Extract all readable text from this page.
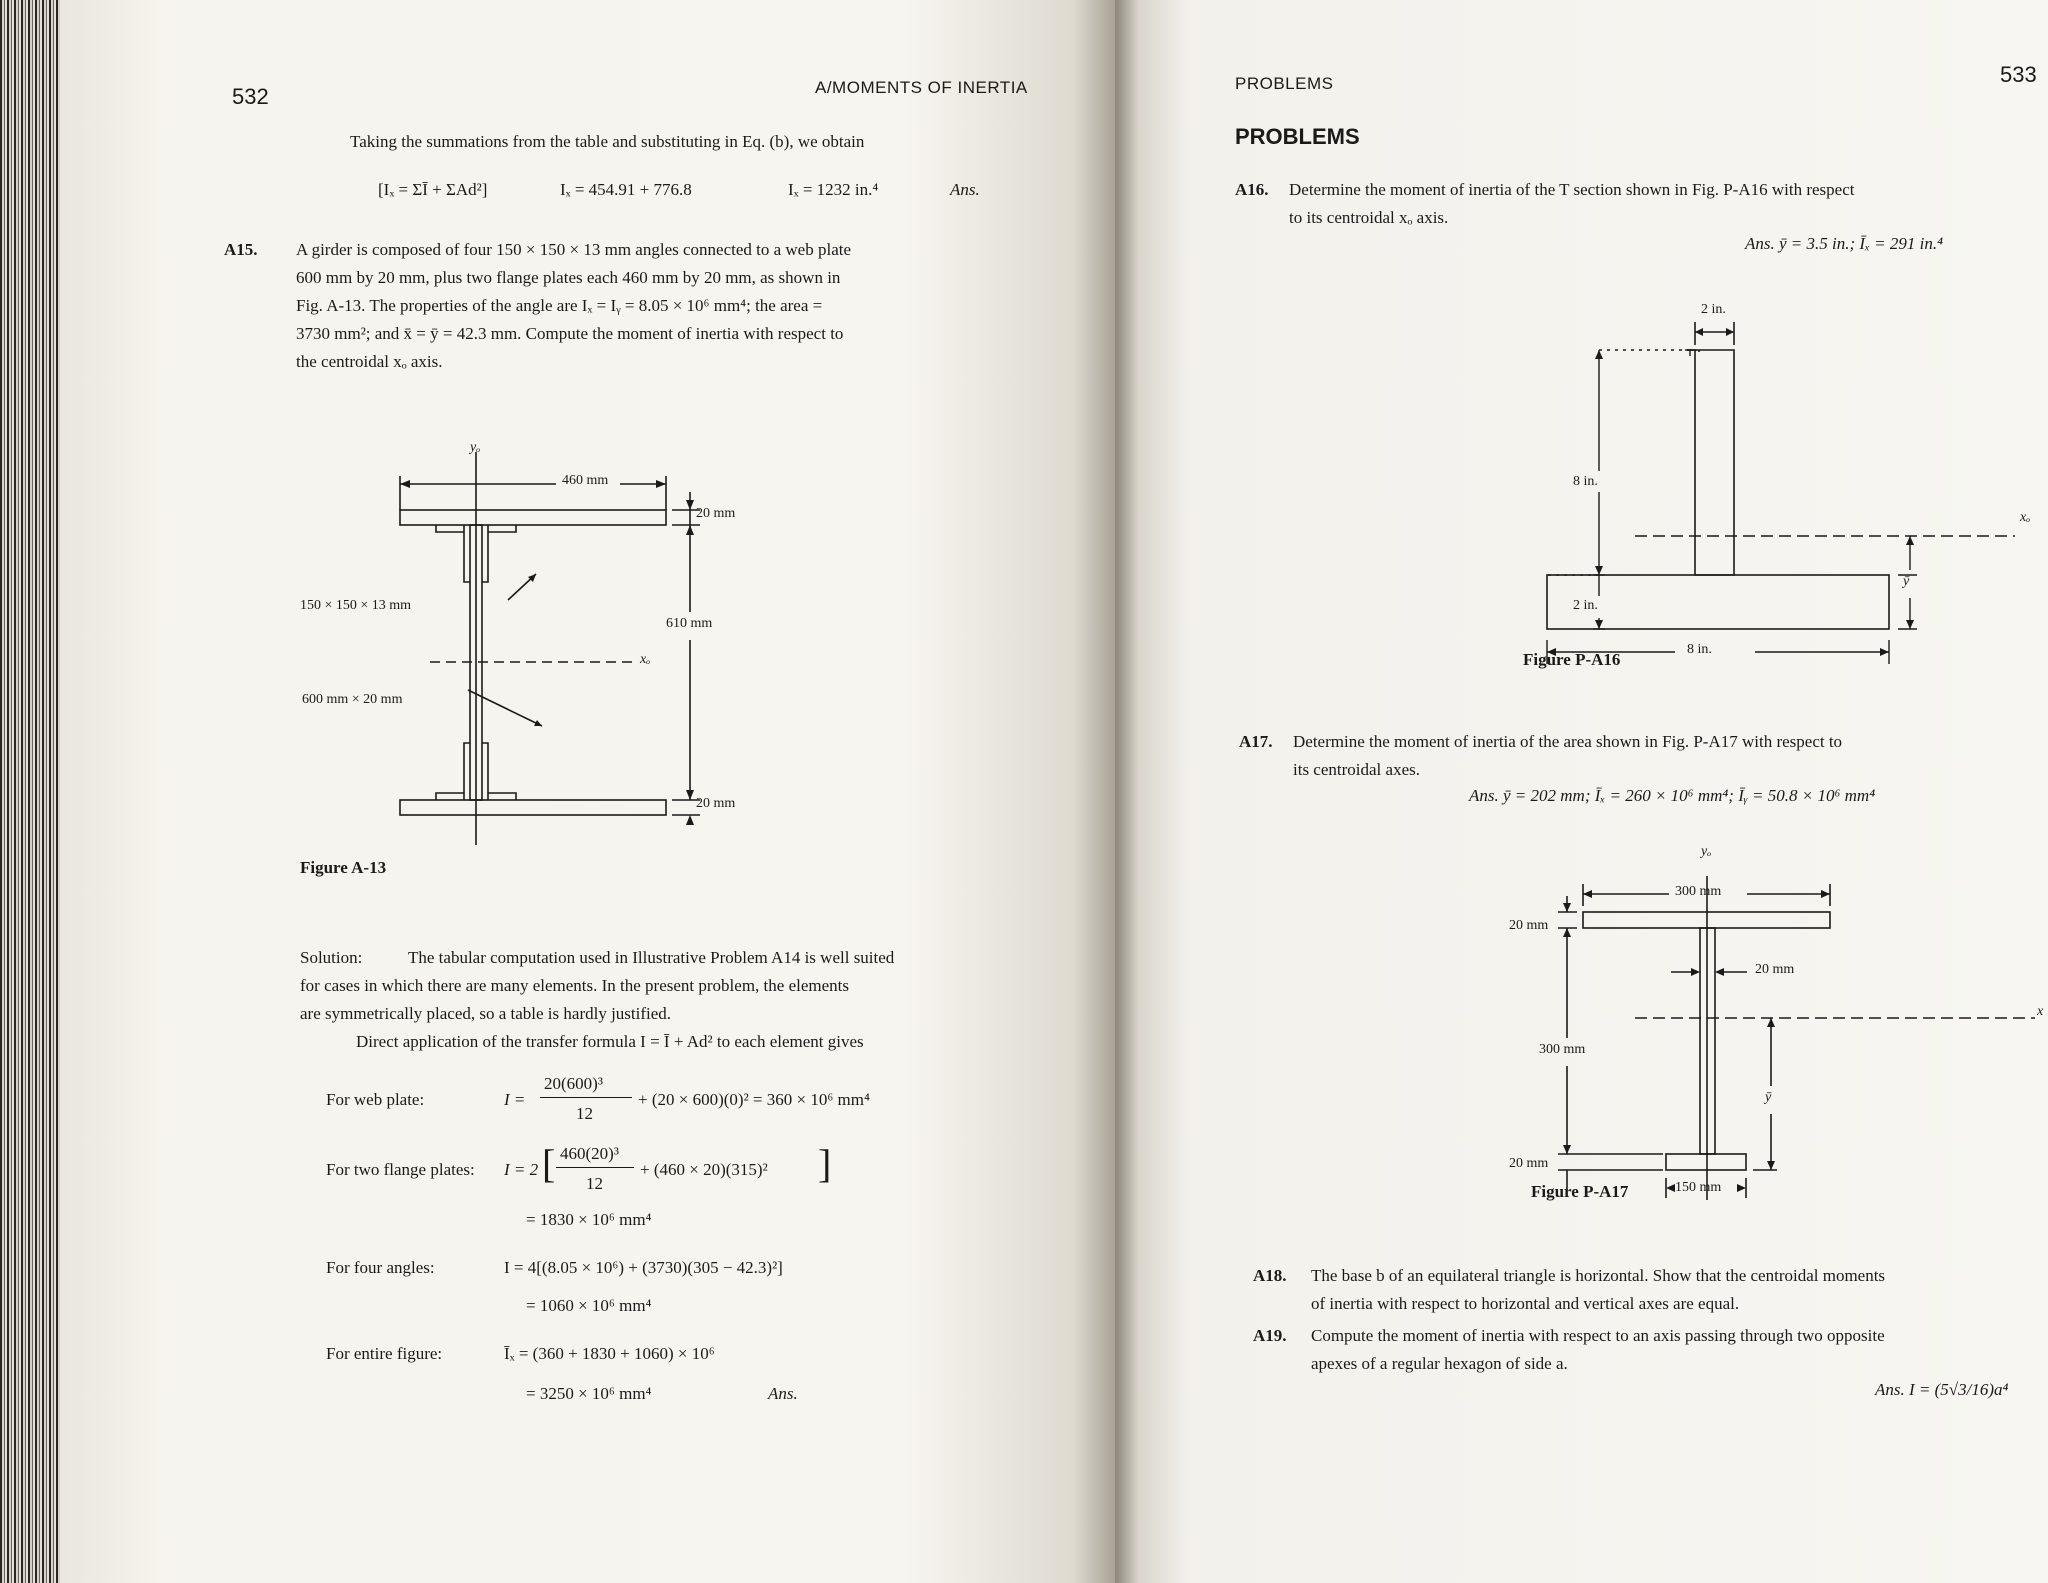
532	A/MOMENTS OF INERTIA
Taking the summations from the table and substituting in Eq. (b), we obtain
[Iₓ = ΣĪ + ΣAd²]	Iₓ = 454.91 + 776.8	Iₓ = 1232 in.⁴	Ans.
A15. A girder is composed of four 150 × 150 × 13 mm angles connected to a web plate
600 mm by 20 mm, plus two flange plates each 460 mm by 20 mm, as shown in
Fig. A-13. The properties of the angle are Iₓ = Iᵧ = 8.05 × 10⁶ mm⁴; the area =
3730 mm²; and x̄ = ȳ = 42.3 mm. Compute the moment of inertia with respect to
the centroidal xₒ axis.
yₒ
460 mm
20 mm
610 mm
xₒ
20 mm
150 × 150 × 13 mm
600 mm × 20 mm
Figure A-13
Solution:	The tabular computation used in Illustrative Problem A14 is well suited
for cases in which there are many elements. In the present problem, the elements
are symmetrically placed, so a table is hardly justified.
Direct application of the transfer formula I = Ī + Ad² to each element gives
For web plate:	I =
20(600)³
12
+ (20 × 600)(0)² = 360 × 10⁶ mm⁴
For two flange plates: I = 2 [ 460(20)³
12
+ (460 × 20)(315)² ]
= 1830 × 10⁶ mm⁴
For four angles:	I = 4[(8.05 × 10⁶) + (3730)(305 − 42.3)²]
= 1060 × 10⁶ mm⁴
For entire figure:	Īₓ = (360 + 1830 + 1060) × 10⁶
= 3250 × 10⁶ mm⁴	Ans.
PROBLEMS	533
PROBLEMS
A16. Determine the moment of inertia of the T section shown in Fig. P-A16 with respect
to its centroidal xₒ axis.
Ans. ȳ = 3.5 in.; Īₓ = 291 in.⁴
2 in.
8 in.
2 in.
8 in.
xₒ
ȳ
Figure P-A16
A17. Determine the moment of inertia of the area shown in Fig. P-A17 with respect to
its centroidal axes.
Ans. ȳ = 202 mm; Īₓ = 260 × 10⁶ mm⁴; Īᵧ = 50.8 × 10⁶ mm⁴
yₒ
300 mm
20 mm
20 mm
300 mm
x
ȳ
20 mm
150 mm
Figure P-A17
A18. The base b of an equilateral triangle is horizontal. Show that the centroidal moments
of inertia with respect to horizontal and vertical axes are equal.
A19. Compute the moment of inertia with respect to an axis passing through two opposite
apexes of a regular hexagon of side a.
Ans. I = (5√3/16)a⁴
